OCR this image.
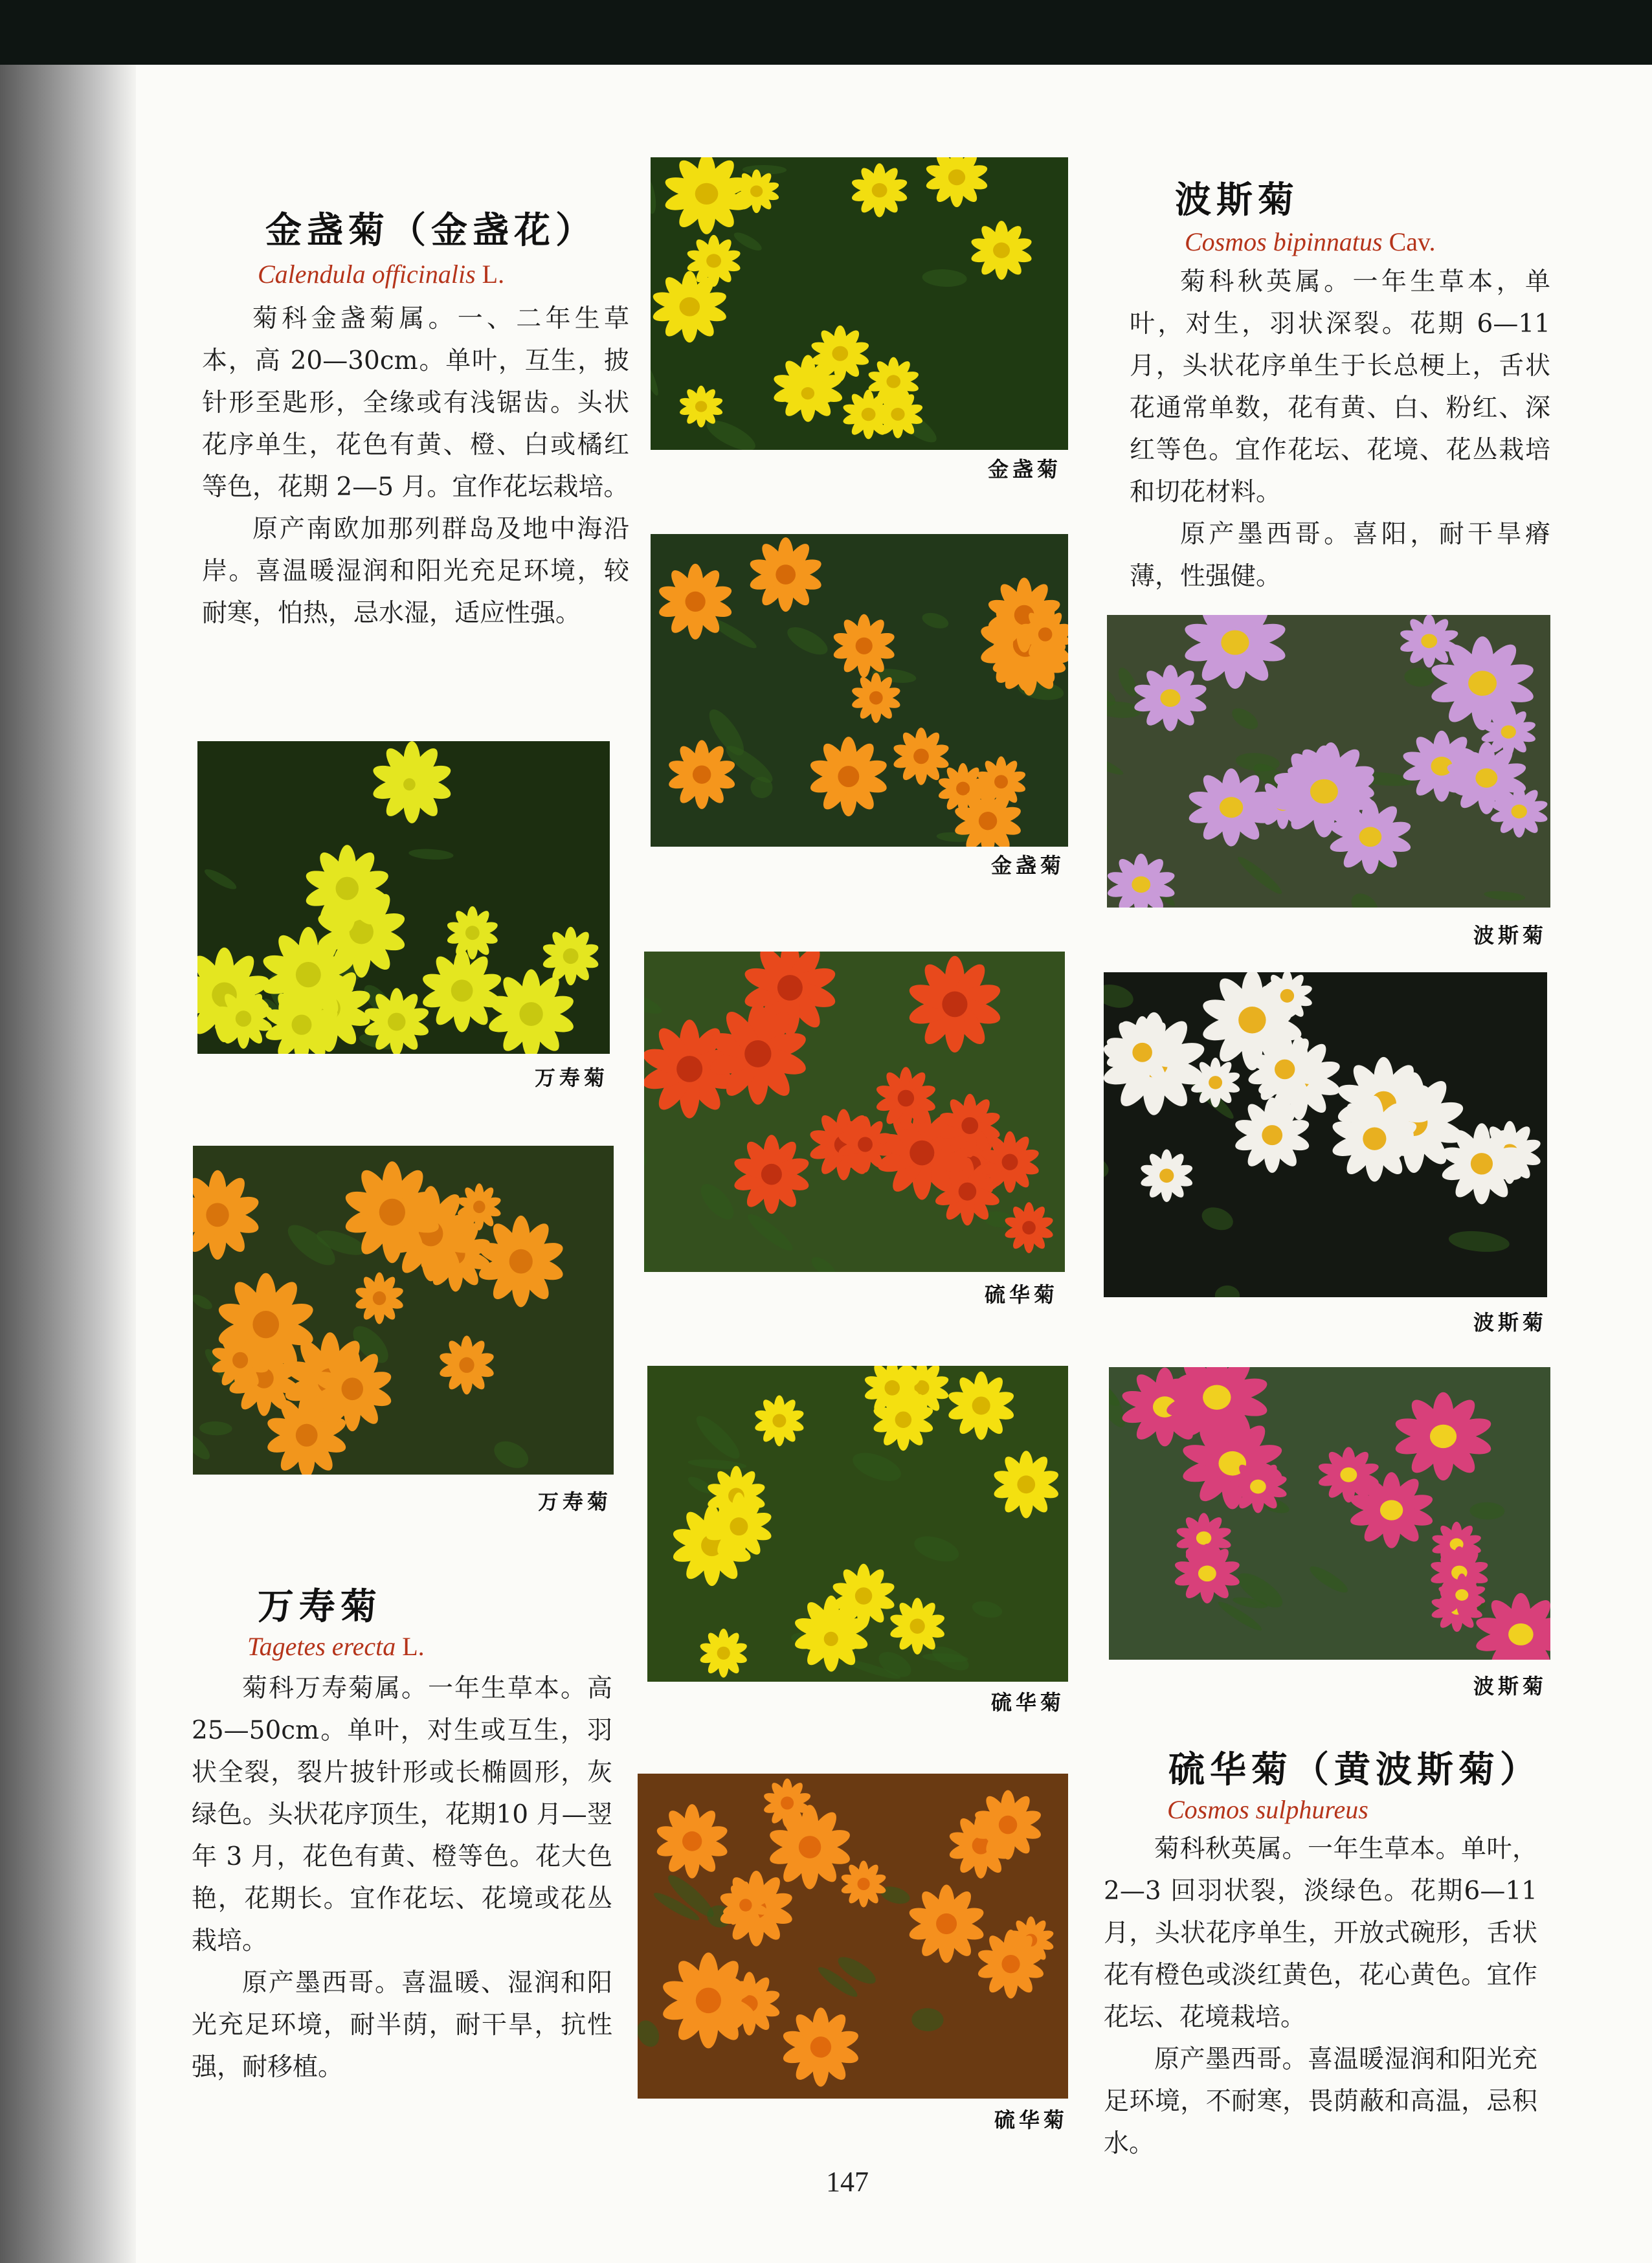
金盏菊（金盏花）
Calendula officinalis L.

菊科金盏菊属。一、二年生草本，高 20—30cm。单叶，互生，披针形至匙形，全缘或有浅锯齿。头状花序单生，花色有黄、橙、白或橘红等色，花期 2—5 月。宜作花坛栽培。

原产南欧加那列群岛及地中海沿岸。喜温暖湿润和阳光充足环境，较耐寒，怕热，忌水湿，适应性强。

万寿菊
Tagetes erecta L.

菊科万寿菊属。一年生草本。高 25—50cm。单叶，对生或互生，羽状全裂，裂片披针形或长椭圆形，灰绿色。头状花序顶生，花期10 月—翌年 3 月，花色有黄、橙等色。花大色艳，花期长。宜作花坛、花境或花丛栽培。

原产墨西哥。喜温暖、湿润和阳光充足环境，耐半荫，耐干旱，抗性强，耐移植。

波斯菊
Cosmos bipinnatus Cav.

菊科秋英属。一年生草本，单叶，对生，羽状深裂。花期 6—11 月，头状花序单生于长总梗上，舌状花通常单数，花有黄、白、粉红、深红等色。宜作花坛、花境、花丛栽培和切花材料。

原产墨西哥。喜阳，耐干旱瘠薄，性强健。

硫华菊（黄波斯菊）
Cosmos sulphureus

菊科秋英属。一年生草本。单叶，2—3 回羽状裂，淡绿色。花期6—11 月，头状花序单生，开放式碗形，舌状花有橙色或淡红黄色，花心黄色。宜作花坛、花境栽培。

原产墨西哥。喜温暖湿润和阳光充足环境，不耐寒，畏荫蔽和高温，忌积水。

金盏菊
金盏菊
硫华菊
硫华菊
硫华菊
万寿菊
万寿菊
波斯菊
波斯菊
波斯菊
147
